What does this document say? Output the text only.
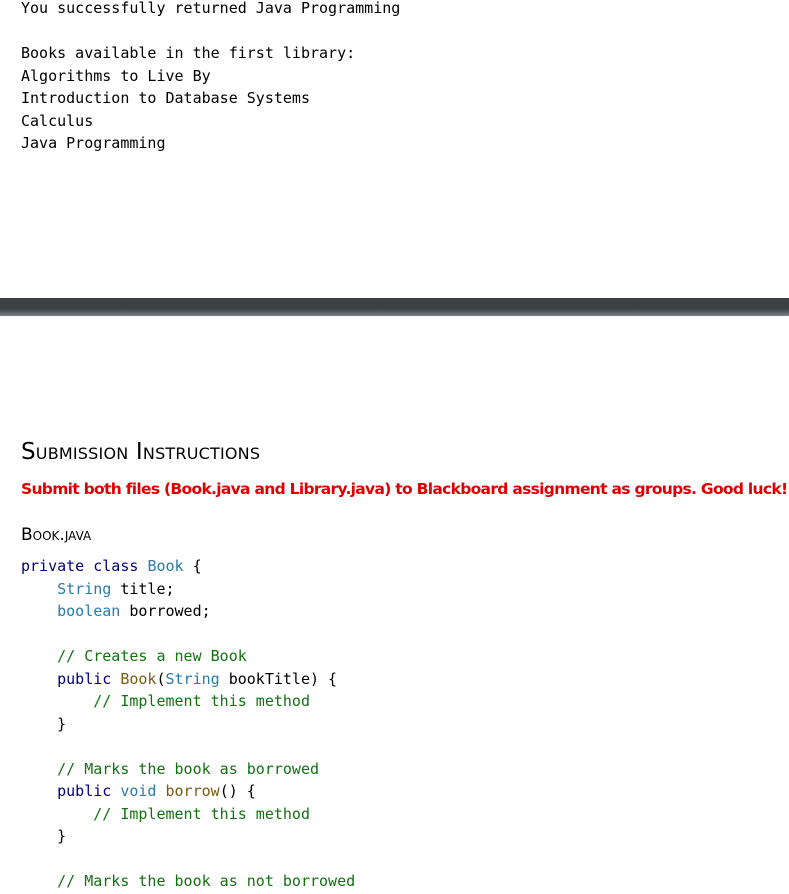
You successfully returned Java Programming

Books available in the first library:
Algorithms to Live By
Introduction to Database Systems
Calculus
Java Programming
Submission Instructions

Submit both files (Book.java and Library.java) to Blackboard assignment as groups. Good luck!

Book.java
private class Book {
String title;
boolean borrowed;

// Creates a new Book
public Book(String bookTitle) {
// Implement this method
}

// Marks the book as borrowed
public void borrow() {
// Implement this method
}

// Marks the book as not borrowed
